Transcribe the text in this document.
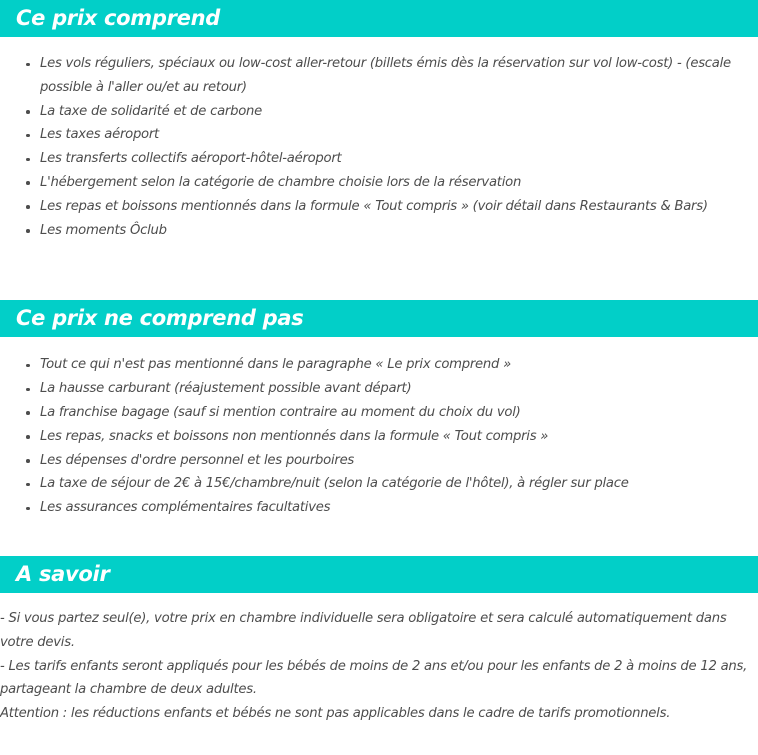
Ce prix comprend
Les vols réguliers, spéciaux ou low-cost aller-retour (billets émis dès la réservation sur vol low-cost) - (escale possible à l'aller ou/et au retour)
La taxe de solidarité et de carbone
Les taxes aéroport
Les transferts collectifs aéroport-hôtel-aéroport
L'hébergement selon la catégorie de chambre choisie lors de la réservation
Les repas et boissons mentionnés dans la formule « Tout compris » (voir détail dans Restaurants & Bars)
Les moments Ôclub
Ce prix ne comprend pas
Tout ce qui n'est pas mentionné dans le paragraphe « Le prix comprend »
La hausse carburant (réajustement possible avant départ)
La franchise bagage (sauf si mention contraire au moment du choix du vol)
Les repas, snacks et boissons non mentionnés dans la formule « Tout compris »
Les dépenses d'ordre personnel et les pourboires
La taxe de séjour de 2€ à 15€/chambre/nuit (selon la catégorie de l'hôtel), à régler sur place
Les assurances complémentaires facultatives
A savoir

- Si vous partez seul(e), votre prix en chambre individuelle sera obligatoire et sera calculé automatiquement dans votre devis.

- Les tarifs enfants seront appliqués pour les bébés de moins de 2 ans et/ou pour les enfants de 2 à moins de 12 ans, partageant la chambre de deux adultes.

Attention : les réductions enfants et bébés ne sont pas applicables dans le cadre de tarifs promotionnels.
